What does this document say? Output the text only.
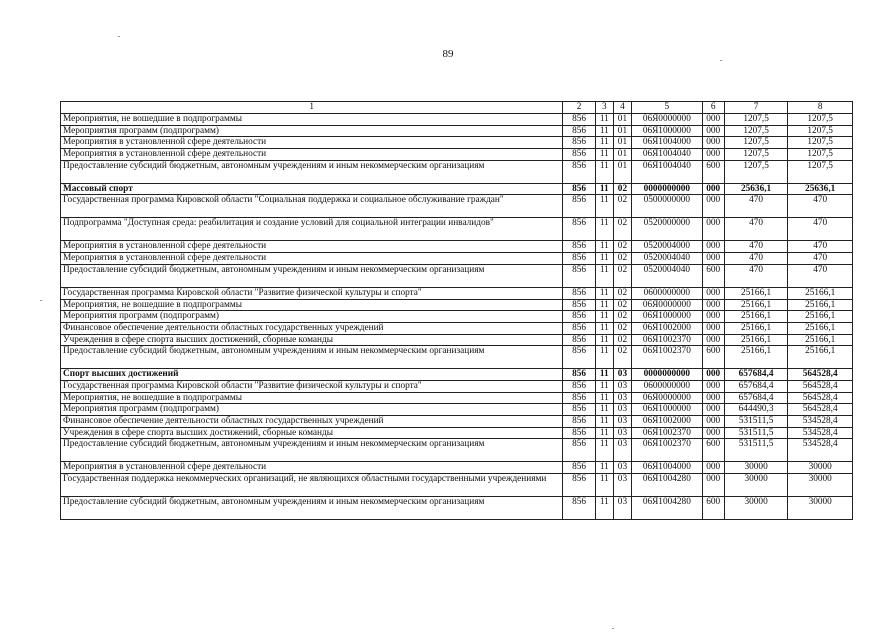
89
1	2	3	4	5	6	7	8
Мероприятия, не вошедшие в подпрограммы	856	11	01	06Я0000000	000	1207,5	1207,5
Мероприятия программ (подпрограмм)	856	11	01	06Я1000000	000	1207,5	1207,5
Мероприятия в установленной сфере деятельности	856	11	01	06Я1004000	000	1207,5	1207,5
Мероприятия в установленной сфере деятельности	856	11	01	06Я1004040	000	1207,5	1207,5
Предоставление субсидий бюджетным, автономным учреждениям и иным некоммерческим организациям	856	11	01	06Я1004040	600	1207,5	1207,5
Массовый спорт	856	11	02	0000000000	000	25636,1	25636,1
Государственная программа Кировской области "Социальная поддержка и социальное обслуживание граждан"	856	11	02	0500000000	000	470	470
Подпрограмма "Доступная среда: реабилитация и создание условий для социальной интеграции инвалидов"	856	11	02	0520000000	000	470	470
Мероприятия в установленной сфере деятельности	856	11	02	0520004000	000	470	470
Мероприятия в установленной сфере деятельности	856	11	02	0520004040	000	470	470
Предоставление субсидий бюджетным, автономным учреждениям и иным некоммерческим организациям	856	11	02	0520004040	600	470	470
Государственная программа Кировской области "Развитие физической культуры и спорта"	856	11	02	0600000000	000	25166,1	25166,1
Мероприятия, не вошедшие в подпрограммы	856	11	02	06Я0000000	000	25166,1	25166,1
Мероприятия программ (подпрограмм)	856	11	02	06Я1000000	000	25166,1	25166,1
Финансовое обеспечение деятельности областных государственных учреждений	856	11	02	06Я1002000	000	25166,1	25166,1
Учреждения в сфере спорта высших достижений, сборные команды	856	11	02	06Я1002370	000	25166,1	25166,1
Предоставление субсидий бюджетным, автономным учреждениям и иным некоммерческим организациям	856	11	02	06Я1002370	600	25166,1	25166,1
Спорт высших достижений	856	11	03	0000000000	000	657684,4	564528,4
Государственная программа Кировской области "Развитие физической культуры и спорта"	856	11	03	0600000000	000	657684,4	564528,4
Мероприятия, не вошедшие в подпрограммы	856	11	03	06Я0000000	000	657684,4	564528,4
Мероприятия программ (подпрограмм)	856	11	03	06Я1000000	000	644490,3	564528,4
Финансовое обеспечение деятельности областных государственных учреждений	856	11	03	06Я1002000	000	531511,5	534528,4
Учреждения в сфере спорта высших достижений, сборные команды	856	11	03	06Я1002370	000	531511,5	534528,4
Предоставление субсидий бюджетным, автономным учреждениям и иным некоммерческим организациям	856	11	03	06Я1002370	600	531511,5	534528,4
Мероприятия в установленной сфере деятельности	856	11	03	06Я1004000	000	30000	30000
Государственная поддержка некоммерческих организаций, не являющихся областными государственными учреждениями	856	11	03	06Я1004280	000	30000	30000
Предоставление субсидий бюджетным, автономным учреждениям и иным некоммерческим организациям	856	11	03	06Я1004280	600	30000	30000
